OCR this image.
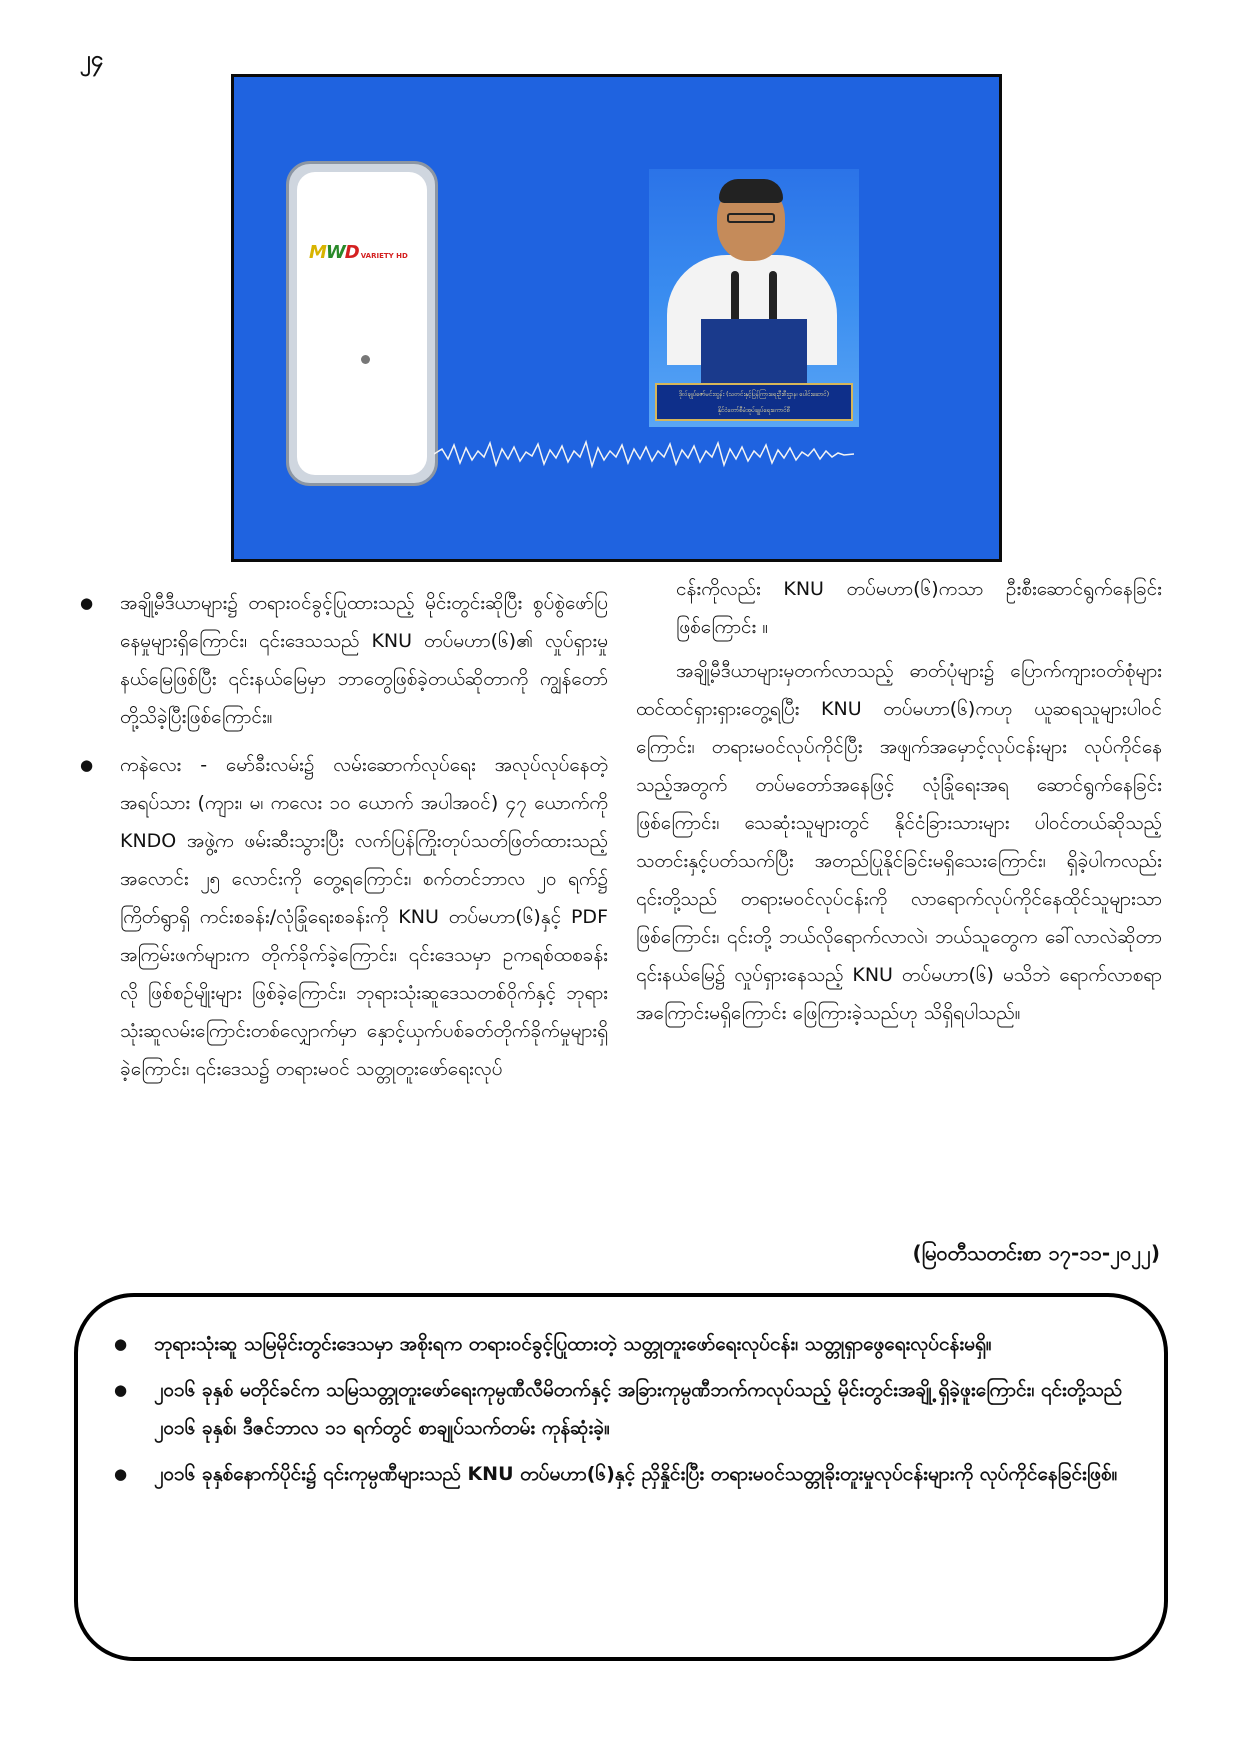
၂၄
MWD VARIETY HD
ဒိုလ်ချုပ်ဇော်မင်းထွန်း (သတင်းနှင့်ပြန်ကြားရေးဦးစီးဌာန၊ ပေါင်းဆောင်)
နိုင်ငံတော်စီမံအုပ်ချုပ်ရေးကောင်စီ
● အချို့မီဒီယာများ၌ တရားဝင်ခွင့်ပြုထားသည့် မိုင်းတွင်းဆိုပြီး စွပ်စွဲဖော်ပြနေမှုများရှိကြောင်း၊ ၎င်းဒေသသည် KNU တပ်မဟာ(၆)၏ လှုပ်ရှားမှုနယ်မြေဖြစ်ပြီး ၎င်းနယ်မြေမှာ ဘာတွေဖြစ်ခဲ့တယ်ဆိုတာကို ကျွန်တော်တို့သိခဲ့ပြီးဖြစ်ကြောင်း။
● ကနဲလေး - မော်ခီးလမ်း၌ လမ်းဆောက်လုပ်ရေး အလုပ်လုပ်နေတဲ့ အရပ်သား (ကျား၊ မ၊ ကလေး ၁၀ ယောက် အပါအဝင်) ၄၇ ယောက်ကို KNDO အဖွဲ့က ဖမ်းဆီးသွားပြီး လက်ပြန်ကြိုးတုပ်သတ်ဖြတ်ထားသည့် အလောင်း ၂၅ လောင်းကို တွေ့ရကြောင်း၊ စက်တင်ဘာလ ၂၀ ရက်၌ ကြိတ်ရွာရှိ ကင်းစခန်း/လုံခြုံရေးစခန်းကို KNU တပ်မဟာ(၆)နှင့် PDF အကြမ်းဖက်များက တိုက်ခိုက်ခဲ့ကြောင်း၊ ၎င်းဒေသမှာ ဥကရစ်ထစခန်းလို ဖြစ်စဉ်မျိုးများ ဖြစ်ခဲ့ကြောင်း၊ ဘုရားသုံးဆူဒေသတစ်ဝိုက်နှင့် ဘုရားသုံးဆူလမ်းကြောင်းတစ်လျှောက်မှာ နှောင့်ယှက်ပစ်ခတ်တိုက်ခိုက်မှုများရှိခဲ့ကြောင်း၊ ၎င်းဒေသ၌ တရားမဝင် သတ္တုတူးဖော်ရေးလုပ်

ငန်းကိုလည်း KNU တပ်မဟာ(၆)ကသာ ဦးစီးဆောင်ရွက်နေခြင်းဖြစ်ကြောင်း ။

အချို့မီဒီယာများမှတက်လာသည့် ဓာတ်ပုံများ၌ ပြောက်ကျားဝတ်စုံများ ထင်ထင်ရှားရှားတွေ့ရပြီး KNU တပ်မဟာ(၆)ကဟု ယူဆရသူများပါဝင်ကြောင်း၊ တရားမဝင်လုပ်ကိုင်ပြီး အဖျက်အမှောင့်လုပ်ငန်းများ လုပ်ကိုင်နေသည့်အတွက် တပ်မတော်အနေဖြင့် လုံခြုံရေးအရ ဆောင်ရွက်နေခြင်းဖြစ်ကြောင်း၊ သေဆုံးသူများတွင် နိုင်ငံခြားသားများ ပါဝင်တယ်ဆိုသည့် သတင်းနှင့်ပတ်သက်ပြီး အတည်ပြုနိုင်ခြင်းမရှိသေးကြောင်း၊ ရှိခဲ့ပါကလည်း ၎င်းတို့သည် တရားမဝင်လုပ်ငန်းကို လာရောက်လုပ်ကိုင်နေထိုင်သူများသာဖြစ်ကြောင်း၊ ၎င်းတို့ ဘယ်လိုရောက်လာလဲ၊ ဘယ်သူတွေက ခေါ်လာလဲဆိုတာ ၎င်းနယ်မြေ၌ လှုပ်ရှားနေသည့် KNU တပ်မဟာ(၆) မသိဘဲ ရောက်လာစရာအကြောင်းမရှိကြောင်း ဖြေကြားခဲ့သည်ဟု သိရှိရပါသည်။

(မြဝတီသတင်းစာ ၁၇-၁၁-၂၀၂၂)
● ဘုရားသုံးဆူ သမြမိုင်းတွင်းဒေသမှာ အစိုးရက တရားဝင်ခွင့်ပြုထားတဲ့ သတ္တုတူးဖော်ရေးလုပ်ငန်း၊ သတ္တုရှာဖွေရေးလုပ်ငန်းမရှိ။
● ၂၀၁၆ ခုနှစ် မတိုင်ခင်က သမြသတ္တုတူးဖော်ရေးကုမ္ပဏီလီမိတက်နှင့် အခြားကုမ္ပဏီဘက်ကလုပ်သည့် မိုင်းတွင်းအချို့ ရှိခဲ့ဖူးကြောင်း၊ ၎င်းတို့သည် ၂၀၁၆ ခုနှစ်၊ ဒီဇင်ဘာလ ၁၁ ရက်တွင် စာချုပ်သက်တမ်း ကုန်ဆုံးခဲ့။
● ၂၀၁၆ ခုနှစ်နောက်ပိုင်း၌ ၎င်းကုမ္ပဏီများသည် KNU တပ်မဟာ(၆)နှင့် ညှိနှိုင်းပြီး တရားမဝင်သတ္တုခိုးတူးမှုလုပ်ငန်းများကို လုပ်ကိုင်နေခြင်းဖြစ်။
